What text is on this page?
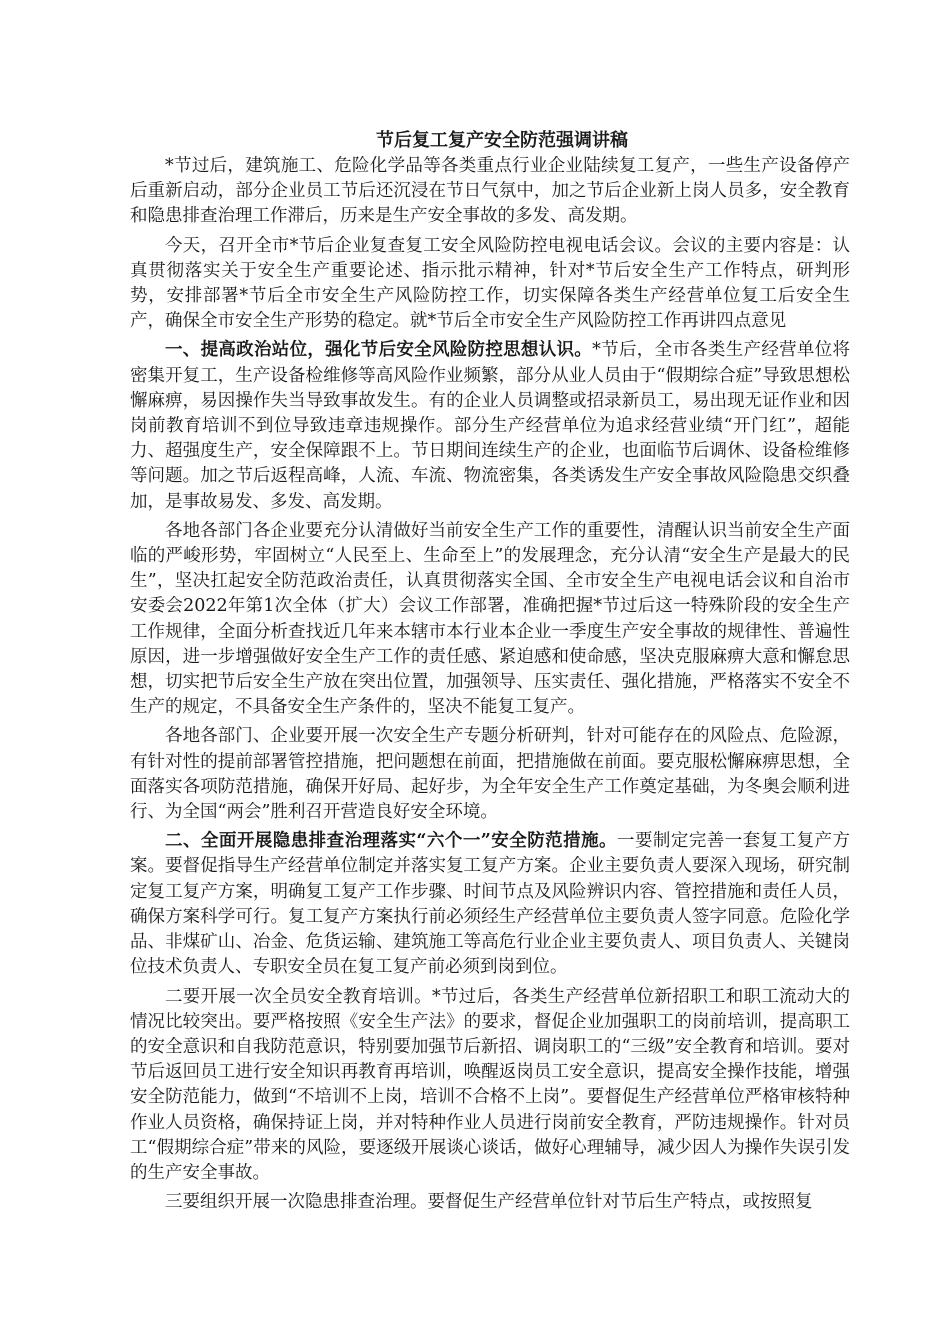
节后复工复产安全防范强调讲稿

*节过后，建筑施工、危险化学品等各类重点行业企业陆续复工复产，一些生产设备停产后重新启动，部分企业员工节后还沉浸在节日气氛中，加之节后企业新上岗人员多，安全教育和隐患排查治理工作滞后，历来是生产安全事故的多发、高发期。

今天，召开全市*节后企业复查复工安全风险防控电视电话会议。会议的主要内容是：认真贯彻落实关于安全生产重要论述、指示批示精神，针对*节后安全生产工作特点，研判形势，安排部署*节后全市安全生产风险防控工作，切实保障各类生产经营单位复工后安全生产，确保全市安全生产形势的稳定。就*节后全市安全生产风险防控工作再讲四点意见

一、提高政治站位，强化节后安全风险防控思想认识。*节后，全市各类生产经营单位将密集开复工，生产设备检维修等高风险作业频繁，部分从业人员由于“假期综合症”导致思想松懈麻痹，易因操作失当导致事故发生。有的企业人员调整或招录新员工，易出现无证作业和因岗前教育培训不到位导致违章违规操作。部分生产经营单位为追求经营业绩“开门红”，超能力、超强度生产，安全保障跟不上。节日期间连续生产的企业，也面临节后调休、设备检维修等问题。加之节后返程高峰，人流、车流、物流密集，各类诱发生产安全事故风险隐患交织叠加，是事故易发、多发、高发期。

各地各部门各企业要充分认清做好当前安全生产工作的重要性，清醒认识当前安全生产面临的严峻形势，牢固树立“人民至上、生命至上”的发展理念，充分认清“安全生产是最大的民生”，坚决扛起安全防范政治责任，认真贯彻落实全国、全市安全生产电视电话会议和自治市安委会2022年第1次全体（扩大）会议工作部署，准确把握*节过后这一特殊阶段的安全生产工作规律，全面分析查找近几年来本辖市本行业本企业一季度生产安全事故的规律性、普遍性原因，进一步增强做好安全生产工作的责任感、紧迫感和使命感，坚决克服麻痹大意和懈怠思想，切实把节后安全生产放在突出位置，加强领导、压实责任、强化措施，严格落实不安全不生产的规定，不具备安全生产条件的，坚决不能复工复产。

各地各部门、企业要开展一次安全生产专题分析研判，针对可能存在的风险点、危险源，有针对性的提前部署管控措施，把问题想在前面，把措施做在前面。要克服松懈麻痹思想，全面落实各项防范措施，确保开好局、起好步，为全年安全生产工作奠定基础，为冬奥会顺利进行、为全国“两会”胜利召开营造良好安全环境。

二、全面开展隐患排查治理落实“六个一”安全防范措施。一要制定完善一套复工复产方案。要督促指导生产经营单位制定并落实复工复产方案。企业主要负责人要深入现场，研究制定复工复产方案，明确复工复产工作步骤、时间节点及风险辨识内容、管控措施和责任人员，确保方案科学可行。复工复产方案执行前必须经生产经营单位主要负责人签字同意。危险化学品、非煤矿山、冶金、危货运输、建筑施工等高危行业企业主要负责人、项目负责人、关键岗位技术负责人、专职安全员在复工复产前必须到岗到位。

二要开展一次全员安全教育培训。*节过后，各类生产经营单位新招职工和职工流动大的情况比较突出。要严格按照《安全生产法》的要求，督促企业加强职工的岗前培训，提高职工的安全意识和自我防范意识，特别要加强节后新招、调岗职工的“三级”安全教育和培训。要对节后返回员工进行安全知识再教育再培训，唤醒返岗员工安全意识，提高安全操作技能，增强安全防范能力，做到“不培训不上岗，培训不合格不上岗”。要督促生产经营单位严格审核特种作业人员资格，确保持证上岗，并对特种作业人员进行岗前安全教育，严防违规操作。针对员工“假期综合症”带来的风险，要逐级开展谈心谈话，做好心理辅导，减少因人为操作失误引发的生产安全事故。

三要组织开展一次隐患排查治理。要督促生产经营单位针对节后生产特点，或按照复
